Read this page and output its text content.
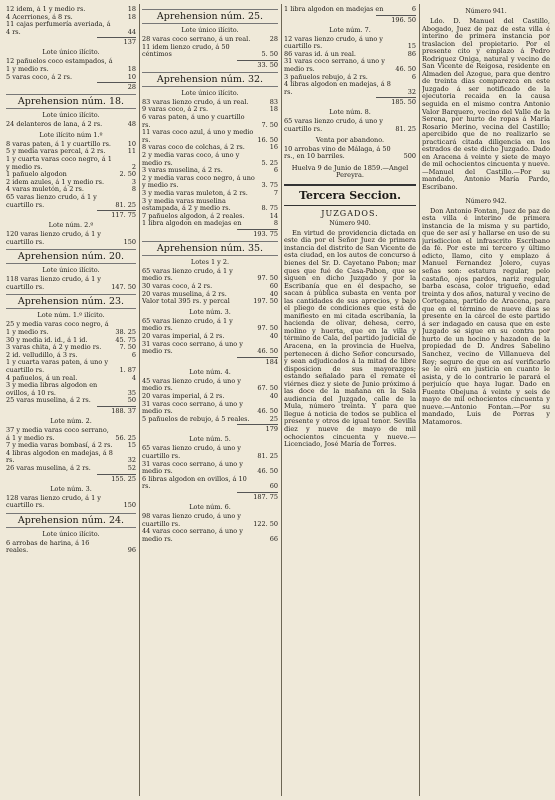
12 idem, á 1 y medio rs.	18
4 Acerriones, á 8 rs.	18
11 cajas perfumería averiada, á 4 rs.	44
137
Lote único ilícito.
12 pañuelos coco estampados, á 1 y medio rs.	18
5 varas coco, á 2 rs.	10
28
Aprehension núm. 18.
Lote único ilícito.
24 delanteros de lana, á 2 rs.	48
Lote ilícito núm 1.º
8 varas paten, á 1 y cuartillo rs.	10
5 y media varas percal, á 2 rs.	11
1 y cuarta varas coco negro, á 1 y medio rs.	2
1 pañuelo algodon	2. 50
2 idem azules, á 1 y medio rs.	3
4 varas muletón, á 2 rs.	8
65 varas lienzo crudo, á 1 y cuartillo rs.	81. 25
117. 75
Lote núm. 2.º
120 varas lienzo crudo, á 1 y cuartillo rs.	150
Aprehension núm. 20.
Lote único ilícito.
118 varas lienzo crudo, á 1 y cuartillo rs.	147. 50
Aprehension núm. 23.
Lote núm. 1.º ilícito.
25 y media varas coco negro, á 1 y medio rs.	38. 25
30 y media id. id., á 1 id.	45. 75
3 varas chita, á 2 y medio rs.	7. 50
2 id. velludillo, á 3 rs.	6
1 y cuarta varas paten, á uno y cuartillo rs.	1. 87
4 pañuelos, á un real.	4
3 y media libras algodon en ovillos, á 10 rs.	35
25 varas muselina, á 2 rs.	50
188. 37
Lote núm. 2.
37 y media varas coco serrano, á 1 y medio rs.	56. 25
7 y media varas bombasí, á 2 rs.	15
4 libras algodon en madejas, á 8 rs.	32
26 varas muselina, á 2 rs.	52
155. 25
Lote núm. 3.
128 varas lienzo crudo, á 1 y cuartillo rs.	150
Aprehension núm. 24.
Lote único ilícito.
6 arrobas de harina, á 16 reales.	96
Aprehension núm. 25.
Lote único ilícito.
28 varas coco serrano, á un real.	28
11 idem lienzo crudo, á 50 céntimos	5. 50
33. 50
Aprehension núm. 32.
Lote único ilícito.
83 varas lienzo crudo, á un real.	83
9 varas coco, á 2 rs.	18
6 varas paten, á uno y cuartillo rs.	7. 50
11 varas coco azul, á uno y medio rs.	16. 50
8 varas coco de colchas, á 2 rs.	16
2 y media varas coco, á uno y medio rs.	5. 25
3 varas muselina, á 2 rs.	6
2 y media varas coco negro, á uno y medio rs.	3. 75
3 y media varas muleton, á 2 rs.	7
3 y media varas muselina estampada, á 2 y medio rs.	8. 75
7 pañuelos algodon, á 2 reales.	14
1 libra algodon en madejas en	8
193. 75
Aprehension núm. 35.
Lotes 1 y 2.
65 varas lienzo crudo, á 1 y medio rs.	97. 50
30 varas coco, á 2 rs.	60
20 varas muselina, á 2 rs.	40
Valor total 395 rs. y percal	197. 50
Lote núm. 3.
65 varas lienzo crudo, á 1 y medio rs.	97. 50
20 varas imperial, á 2 rs.	40
31 varas coco serrano, á uno y medio rs.	46. 50
184
Lote núm. 4.
45 varas lienzo crudo, á uno y medio rs.	67. 50
20 varas imperial, á 2 rs.	40
31 varas coco serrano, á uno y medio rs.	46. 50
5 pañuelos de rebujo, á 5 reales.	25
179
Lote núm. 5.
65 varas lienzo crudo, á uno y cuartillo rs.	81. 25
31 varas coco serrano, á uno y medio rs.	46. 50
6 libras algodon en ovillos, á 10 rs.	60
187. 75
Lote núm. 6.
98 varas lienzo crudo, á uno y cuartillo rs.	122. 50
44 varas coco serrano, á uno y medio rs.	66
1 libra algodon en madejas en	6
196. 50
Lote núm. 7.
12 varas lienzo crudo, á uno y cuartillo rs.	15
86 varas id. á un real.	86
31 varas coco serrano, á uno y medio rs.	46. 50
3 pañuelos rebujo, á 2 rs.	6
4 libras algodon en madejas, á 8 rs.	32
185. 50
Lote núm. 8.
65 varas lienzo crudo, á uno y cuartillo rs.	81. 25
Venta por abandono.
10 arrobas vino de Málaga, á 50 rs., en 10 barriles.	500
Huelva 9 de Junio de 1859.—Angel Pereyra.
Tercera Seccion.
JUZGADOS.
Número 940.

En virtud de providencia dictada en este dia por el Señor Juez de primera instancia del distrito de San Vicente de esta ciudad, en los autos de concurso á bienes del Sr. D. Cayetano Pabon; mar ques que fué de Casa-Pabon, que se siguen en dicho Juzgado y por la Escribanía que en él despacho, se sacan á pública subasta en venta por las cantidades de sus aprecios, y bajo el pliego de condiciones que está de manifiesto en mi citada escribanía, la hacienda de olivar, dehesa, cerro, molino y huerta, que en la villa y término de Cala, del partido judicial de Aracena, en la provincia de Huelva, pertenecen á dicho Señor concursado, y sean adjudicados á la mitad de libre disposicion de sus mayorazgos; estando señalado para el remate el viérnes diez y siete de Junio próximo á las doce de la mañana en la Sala audiencia del Juzgado, calle de la Mula, número treinta. Y para que llegue á noticia de todos se publica el presente y otros de igual tenor. Sevilla diez y nueve de mayo de mil ochocientos cincuenta y nueve.—Licenciado, José María de Torres.

Número 941.

Ldo. D. Manuel del Castillo, Abogado, Juez de paz de esta villa é interino de primera instancia por traslacion del propietario. Por el presente cito y emplazo á Pedro Rodriguez Oniga, natural y vecino de San Vicente de Reigosa, residente en Almaden del Azogue, para que dentro de treinta dias comparezca en este Juzgado á ser notificado de la ejecutoria recaida en la causa seguida en el mismo contra Antonio Valor Barquero, vecino del Valle de la Serena, por hurto de ropas á María Rosario Merino, vecina del Castillo; apercibido que de no realizarlo se practicará citada diligencia en los estrados de este dicho Juzgado. Dado en Aracena á veinte y siete de mayo de mil ochocientos cincuenta y nueve.—Manuel del Castillo.—Por su mandado, Antonio María Pardo, Escribano.

Número 942.

Don Antonio Fontan, Juez de paz de esta villa é interino de primera instancia de la misma y su partido, que de ser así y hallarse en uso de su jurisdiccion el infrascrito Escribano da fé. Por este mi tercero y último edicto, llamo, cito y emplazo á Manuel Fernandez Jolero, cuyas señas son: estatura regular, pelo castaño, ojos pardos, nariz regular, barba escasa, color trigueño, edad treinta y dos años, natural y vecino de Cortegana, partido de Aracena, para que en el término de nueve dias se presente en la cárcel de este partido á ser indagado en causa que en este Juzgado se sigue en su contra por hurto de un hocino y hazadon de la propiedad de D. Andres Sabelino Sanchez, vecino de Villanueva del Rey; seguro de que en así verificarlo se le oirá en justicia en cuanto le asista, y de lo contrario le parará el perjuicio que haya lugar. Dado en Fuente Obejuna á veinte y seis de mayo de mil ochocientos cincuenta y nueve.—Antonio Fontan.—Por su mandado, Luis de Porras y Matamoros.
